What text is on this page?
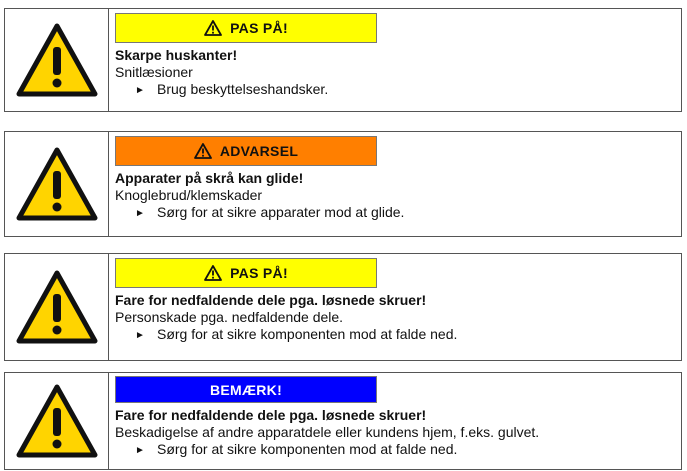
PAS PÅ!
Skarpe huskanter!
Snitlæsioner
► Brug beskyttelseshandsker.
ADVARSEL
Apparater på skrå kan glide!
Knoglebrud/klemskader
► Sørg for at sikre apparater mod at glide.
PAS PÅ!
Fare for nedfaldende dele pga. løsnede skruer!
Personskade pga. nedfaldende dele.
► Sørg for at sikre komponenten mod at falde ned.
BEMÆRK!
Fare for nedfaldende dele pga. løsnede skruer!
Beskadigelse af andre apparatdele eller kundens hjem, f.eks. gulvet.
► Sørg for at sikre komponenten mod at falde ned.
